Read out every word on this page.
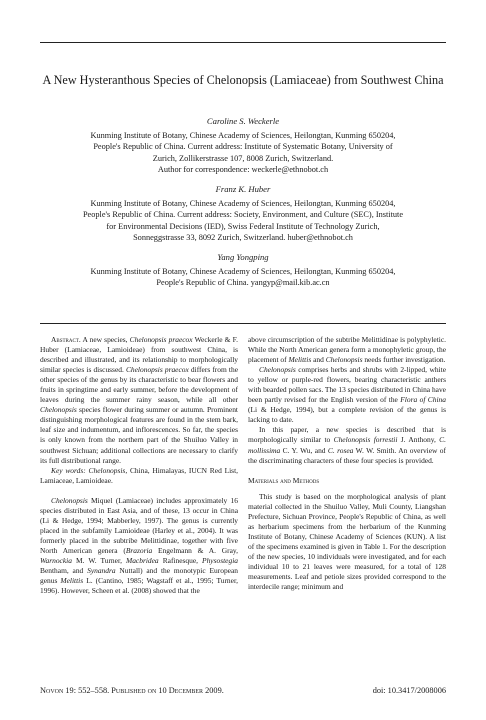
A New Hysteranthous Species of Chelonopsis (Lamiaceae) from Southwest China
Caroline S. Weckerle
Kunming Institute of Botany, Chinese Academy of Sciences, Heilongtan, Kunming 650204,
People's Republic of China. Current address: Institute of Systematic Botany, University of
Zurich, Zollikerstrasse 107, 8008 Zurich, Switzerland.
Author for correspondence: weckerle@ethnobot.ch
Franz K. Huber
Kunming Institute of Botany, Chinese Academy of Sciences, Heilongtan, Kunming 650204,
People's Republic of China. Current address: Society, Environment, and Culture (SEC), Institute
for Environmental Decisions (IED), Swiss Federal Institute of Technology Zurich,
Sonneggstrasse 33, 8092 Zurich, Switzerland. huber@ethnobot.ch
Yang Yongping
Kunming Institute of Botany, Chinese Academy of Sciences, Heilongtan, Kunming 650204,
People's Republic of China. yangyp@mail.kib.ac.cn

Abstract. A new species, Chelonopsis praecox Weckerle & F. Huber (Lamiaceae, Lamioideae) from southwest China, is described and illustrated, and its relationship to morphologically similar species is discussed. Chelonopsis praecox differs from the other species of the genus by its characteristic to bear flowers and fruits in springtime and early summer, before the development of leaves during the summer rainy season, while all other Chelonopsis species flower during summer or autumn. Prominent distinguishing morphological features are found in the stem bark, leaf size and indumentum, and inflorescences. So far, the species is only known from the northern part of the Shuiluo Valley in southwest Sichuan; additional collections are necessary to clarify its full distributional range.

Key words: Chelonopsis, China, Himalayas, IUCN Red List, Lamiaceae, Lamioideae.

Chelonopsis Miquel (Lamiaceae) includes approximately 16 species distributed in East Asia, and of these, 13 occur in China (Li & Hedge, 1994; Mabberley, 1997). The genus is currently placed in the subfamily Lamioideae (Harley et al., 2004). It was formerly placed in the subtribe Melittidinae, together with five North American genera (Brazoria Engelmann & A. Gray, Warnockia M. W. Turner, Macbridea Rafinesque, Physostegia Bentham, and Synandra Nuttall) and the monotypic European genus Melittis L. (Cantino, 1985; Wagstaff et al., 1995; Turner, 1996). However, Scheen et al. (2008) showed that the

above circumscription of the subtribe Melittidinae is polyphyletic. While the North American genera form a monophyletic group, the placement of Melittis and Chelonopsis needs further investigation.

Chelonopsis comprises herbs and shrubs with 2-lipped, white to yellow or purple-red flowers, bearing characteristic anthers with bearded pollen sacs. The 13 species distributed in China have been partly revised for the English version of the Flora of China (Li & Hedge, 1994), but a complete revision of the genus is lacking to date.

In this paper, a new species is described that is morphologically similar to Chelonopsis forrestii J. Anthony, C. mollissima C. Y. Wu, and C. rosea W. W. Smith. An overview of the discriminating characters of these four species is provided.

Materials and Methods

This study is based on the morphological analysis of plant material collected in the Shuiluo Valley, Muli County, Liangshan Prefecture, Sichuan Province, People's Republic of China, as well as herbarium specimens from the herbarium of the Kunming Institute of Botany, Chinese Academy of Sciences (KUN). A list of the specimens examined is given in Table 1. For the description of the new species, 10 individuals were investigated, and for each individual 10 to 21 leaves were measured, for a total of 128 measurements. Leaf and petiole sizes provided correspond to the interdecile range; minimum and

Novon 19: 552–558. Published on 10 December 2009.	doi: 10.3417/2008006
